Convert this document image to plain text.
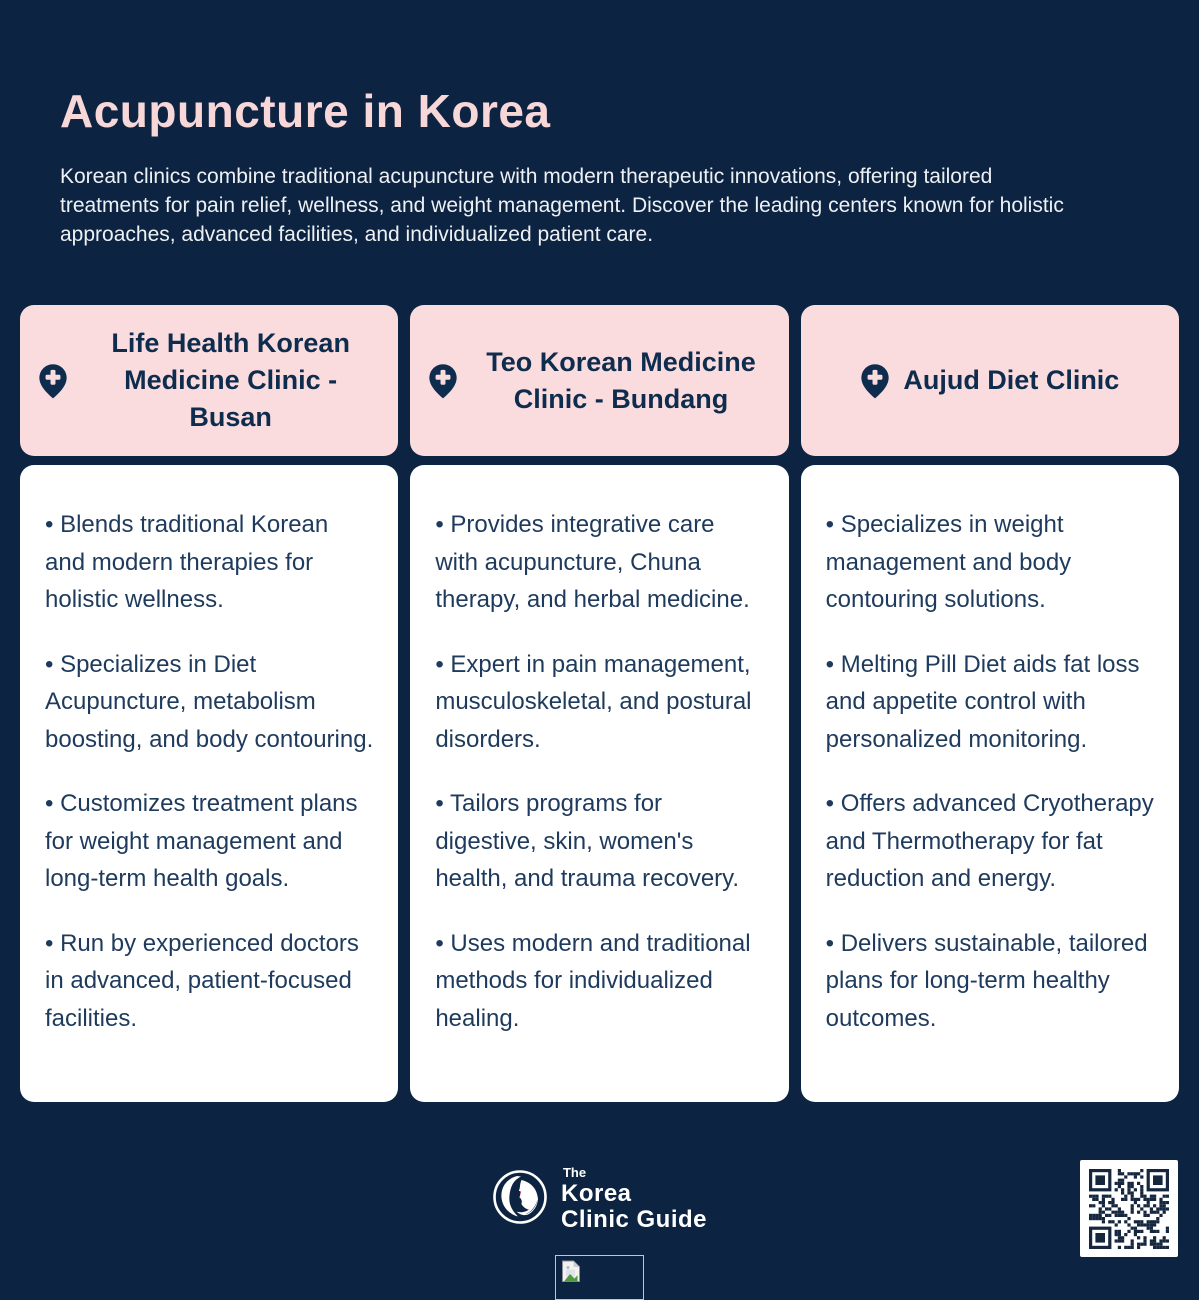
Acupuncture in Korea

Korean clinics combine traditional acupuncture with modern therapeutic innovations, offering tailored treatments for pain relief, wellness, and weight management. Discover the leading centers known for holistic approaches, advanced facilities, and individualized patient care.

Life Health Korean Medicine Clinic - Busan

• Blends traditional Korean and modern therapies for holistic wellness.

• Specializes in Diet Acupuncture, metabolism boosting, and body contouring.

• Customizes treatment plans for weight management and long-term health goals.

• Run by experienced doctors in advanced, patient-focused facilities.

Teo Korean Medicine Clinic - Bundang

• Provides integrative care with acupuncture, Chuna therapy, and herbal medicine.

• Expert in pain management, musculoskeletal, and postural disorders.

• Tailors programs for digestive, skin, women's health, and trauma recovery.

• Uses modern and traditional methods for individualized healing.

Aujud Diet Clinic

• Specializes in weight management and body contouring solutions.

• Melting Pill Diet aids fat loss and appetite control with personalized monitoring.

• Offers advanced Cryotherapy and Thermotherapy for fat reduction and energy.

• Delivers sustainable, tailored plans for long-term healthy outcomes.

The
Korea
Clinic Guide
